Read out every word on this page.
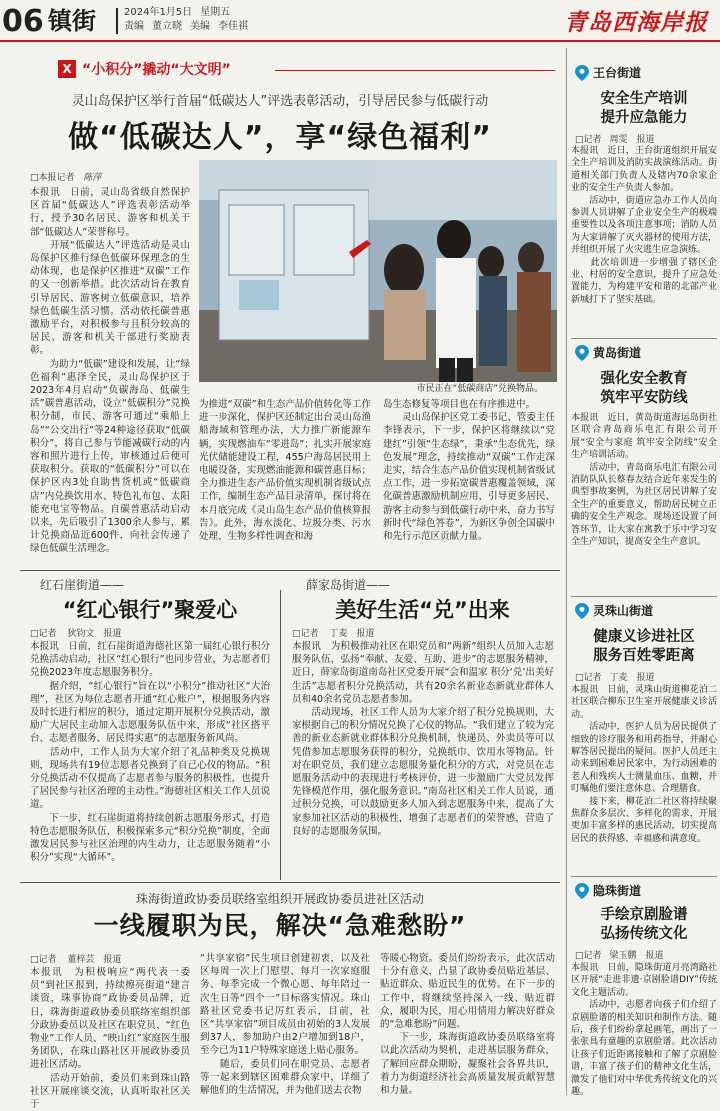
06 镇街	2024年1月5日 星期五
责编 董立晓 美编 李佳祺	青岛西海岸报
X “小积分”撬动“大文明”
灵山岛保护区举行首届“低碳达人”评选表彰活动，引导居民参与低碳行动
做“低碳达人”，享“绿色福利”
□本报记者 陈萍
本报讯　日前，灵山岛省级自然保护区首届“低碳达人”评选表彰活动举行，授予30名居民、游客和机关干部“低碳达人”荣誉称号。
　　开展“低碳达人”评选活动是灵山岛保护区推行绿色低碳环保理念的生动体现，也是保护区推进“双碳”工作的又一创新举措。此次活动旨在教育引导居民、游客树立低碳意识，培养绿色低碳生活习惯。活动依托碳普惠激励平台，对积极参与且积分较高的居民、游客和机关干部进行奖励表彰。
　　为助力“低碳”建设和发展，让“绿色福利”惠泽全民，灵山岛保护区于2023年4月启动“负碳海岛、低碳生活”碳普惠活动，设立“低碳积分”兑换积分制，市民、游客可通过“乘船上岛”“公交出行”等24种途径获取“低碳积分”，将自己参与节能减碳行动的内容和照片进行上传，审核通过后便可获取积分。获取的“低碳积分”可以在保护区内3处自助售货机或“低碳商店”内兑换饮用水、特色礼布包、太阳能充电宝等物品。自碳普惠活动启动以来，先后吸引了1300余人参与，累计兑换商品近600件，向社会传递了绿色低碳生活理念。
市民正在“低碳商店”兑换物品。
为推进“双碳”和生态产品价值转化等工作进一步深化，保护区还制定出台灵山岛渔船海域和管理办法，大力推广新能源车辆，实现燃油车“零进岛”；扎实开展家庭光伏储能建设工程，455户海岛居民用上电暖设备，实现燃油能源和碳普惠目标；全力推进生态产品价值实现机制省级试点工作，编制生态产品目录清单，探讨将在本月底完成《灵山岛生态产品价值核算报告》。此外，海水淡化、垃圾分类、污水处理、生物多样性调查和海
岛生态修复等项目也在有序推进中。
　　灵山岛保护区党工委书记、管委主任李锋表示，下一步，保护区将继续以“党建红”引领“生态绿”，秉承“生态优先，绿色发展”理念，持续推动“双碳”工作走深走实，结合生态产品价值实现机制省级试点工作，进一步拓宽碳普惠覆盖领域，深化碳普惠激励机制应用，引导更多居民、游客主动参与到低碳行动中来，奋力书写新时代“绿色答卷”，为新区争创全国碳中和先行示范区贡献力量。
红石崖街道——
“红心银行”聚爱心
□记者 狄钧文　报道
本报讯　日前，红石崖街道海德社区第一届红心银行积分兑换活动启动，社区“红心银行”也同步营业，为志愿者们兑换2023年度志愿服务积分。
　　据介绍，“红心银行”旨在以“小积分”推动社区“大治理”，社区为每位志愿者开通“红心账户”，根据服务内容及时长进行相应的积分，通过定期开展积分兑换活动，激励广大居民主动加入志愿服务队伍中来，形成“社区搭平台、志愿者服务、居民得实惠”的志愿服务新风尚。
　　活动中，工作人员为大家介绍了礼品种类及兑换规则，现场共有19位志愿者兑换到了自己心仪的物品。“积分兑换活动不仅提高了志愿者参与服务的积极性，也提升了居民参与社区治理的主动性。”海德社区相关工作人员说道。
　　下一步，红石崖街道将持续创新志愿服务形式，打造特色志愿服务队伍，积极探索多元“积分兑换”制度，全面激发居民参与社区治理的内生动力，让志愿服务随着“小积分”实现“大循环”。
薛家岛街道——
美好生活“兑”出来
□记者 丁麦　报道
本报讯　为积极推动社区在职党员和“两新”组织人员加入志愿服务队伍，弘扬“奉献、友爱、互助、进步”的志愿服务精神，近日，薛家岛街道南岛社区党委开展“会和温家 积分‘兑’出美好生活”志愿者积分兑换活动，共有20余名新业态新就业群体人员和40余名党员志愿者参加。
　　活动现场，社区工作人员为大家介绍了积分兑换规则，大家根据自己的积分情况兑换了心仪的物品。“我们建立了较为完善的新业态新就业群体积分兑换机制，快递员、外卖员等可以凭借参加志愿服务获得的积分，兑换纸巾、饮用水等物品。针对在职党员，我们建立志愿服务量化积分的方式，对党员在志愿服务活动中的表现进行考核评价，进一步激励广大党员发挥先锋模范作用，强化服务意识。”南岛社区相关工作人员说，通过积分兑换，可以鼓励更多人加入到志愿服务中来，提高了大家参加社区活动的积极性，增强了志愿者们的荣誉感，营造了良好的志愿服务氛围。
珠海街道政协委员联络室组织开展政协委员进社区活动
一线履职为民，解决“急难愁盼”
□记者 董梓芸　报道
本报讯　为积极响应“两代表一委员”到社区报到，持续擦亮街道“建言谈资，珠事协商”政协委员品牌，近日，珠海街道政协委员联络室组织部分政协委员以及社区在职党员、“红色物业”工作人员、“映山红”家庭医生服务团队，在珠山路社区开展政协委员进社区活动。
　　活动开始前，委员们来到珠山路社区开展座谈交流，认真听取社区关于
“共享家宿”民生项目创建初衷，以及社区每周一次上门慰望、每月一次家庭服务、每季完成一个微心愿、每年陪过一次生日等“四个一”目标落实情况。珠山路社区党委书记厉红表示，目前，社区“共享家宿”项目成员由初始的3人发展到37人，参加助户由2户增加到18户，至今已为11户特殊家庭送上贴心服务。
　　随后，委员们同在职党员、志愿者等一起来到辖区困难群众家中，详细了解他们的生活情况，并为他们送去衣物
等暖心物资。委员们纷纷表示，此次活动十分有意义，凸显了政协委员贴近基层、贴近群众、贴近民生的优势。在下一步的工作中，将继续坚持深入一线、贴近群众，履职为民，用心用情用力解决好群众的“急难愁盼”问题。
　　下一步，珠海街道政协委员联络室将以此次活动为契机，走进基层服务群众，了解回应群众期盼，凝聚社会各界共识，着力为街道经济社会高质量发展贡献智慧和力量。
王台街道
安全生产培训
提升应急能力
□记者 周雯　报道
本报讯　近日，王台街道组织开展安全生产培训及消防实战演练活动。街道相关部门负责人及辖内70余家企业的安全生产负责人参加。
　　活动中，街道应急办工作人员向参训人员讲解了企业安全生产的极端重要性以及各项注意事项；消防人员为大家讲解了灭火器材的使用方法，并组织开展了火灾逃生应急演练。
　　此次培训进一步增强了辖区企业、村居的安全意识，提升了应急处置能力，为构建平安和谐的北部产业新城打下了坚实基础。
黄岛街道
强化安全教育
筑牢平安防线
本报讯　近日，黄岛街道海运岛街社区联合青岛商乐电汇有限公司开展“安全与家庭 筑牢安全防线”安全生产培训活动。
　　活动中，青岛商乐电汇有限公司消防队队长蔡春友结合近年来发生的典型事故案例，为社区居民讲解了安全生产的重要意义，帮助居民树立正确的安全生产观念。现场还设置了问答环节，让大家在寓教于乐中学习安全生产知识，提高安全生产意识。
灵珠山街道
健康义诊进社区
服务百姓零距离
□记者 丁麦　报道
本报讯　日前，灵珠山街道柳花泊二社区联合柳东卫生室开展健康义诊活动。
　　活动中，医护人员为居民提供了细致的诊疗服务和用药指导，并耐心解答居民提出的疑问。医护人员还主动来到困难居民家中，为行动困难的老人和残疾人士测量血压、血糖，并叮嘱他们要注意休息、合理膳食。
　　接下来，柳花泊二社区将持续聚焦群众多层次、多样化的需求，开展更加丰富多样的惠民活动，切实提高居民的获得感、幸福感和满意度。
隐珠街道
手绘京剧脸谱
弘扬传统文化
□记者 梁玉鹏　报道
本报讯　日前，隐珠街道月亮湾路社区开展“走进非遗·京剧脸谱DIY”传统文化主题活动。
　　活动中，志愿者向孩子们介绍了京剧脸谱的相关知识和制作方法。随后，孩子们纷纷拿起画笔，画出了一张张具有童趣的京剧脸谱。此次活动让孩子们近距离接触和了解了京剧脸谱，丰富了孩子们的精神文化生活，激发了他们对中华优秀传统文化的兴趣。
